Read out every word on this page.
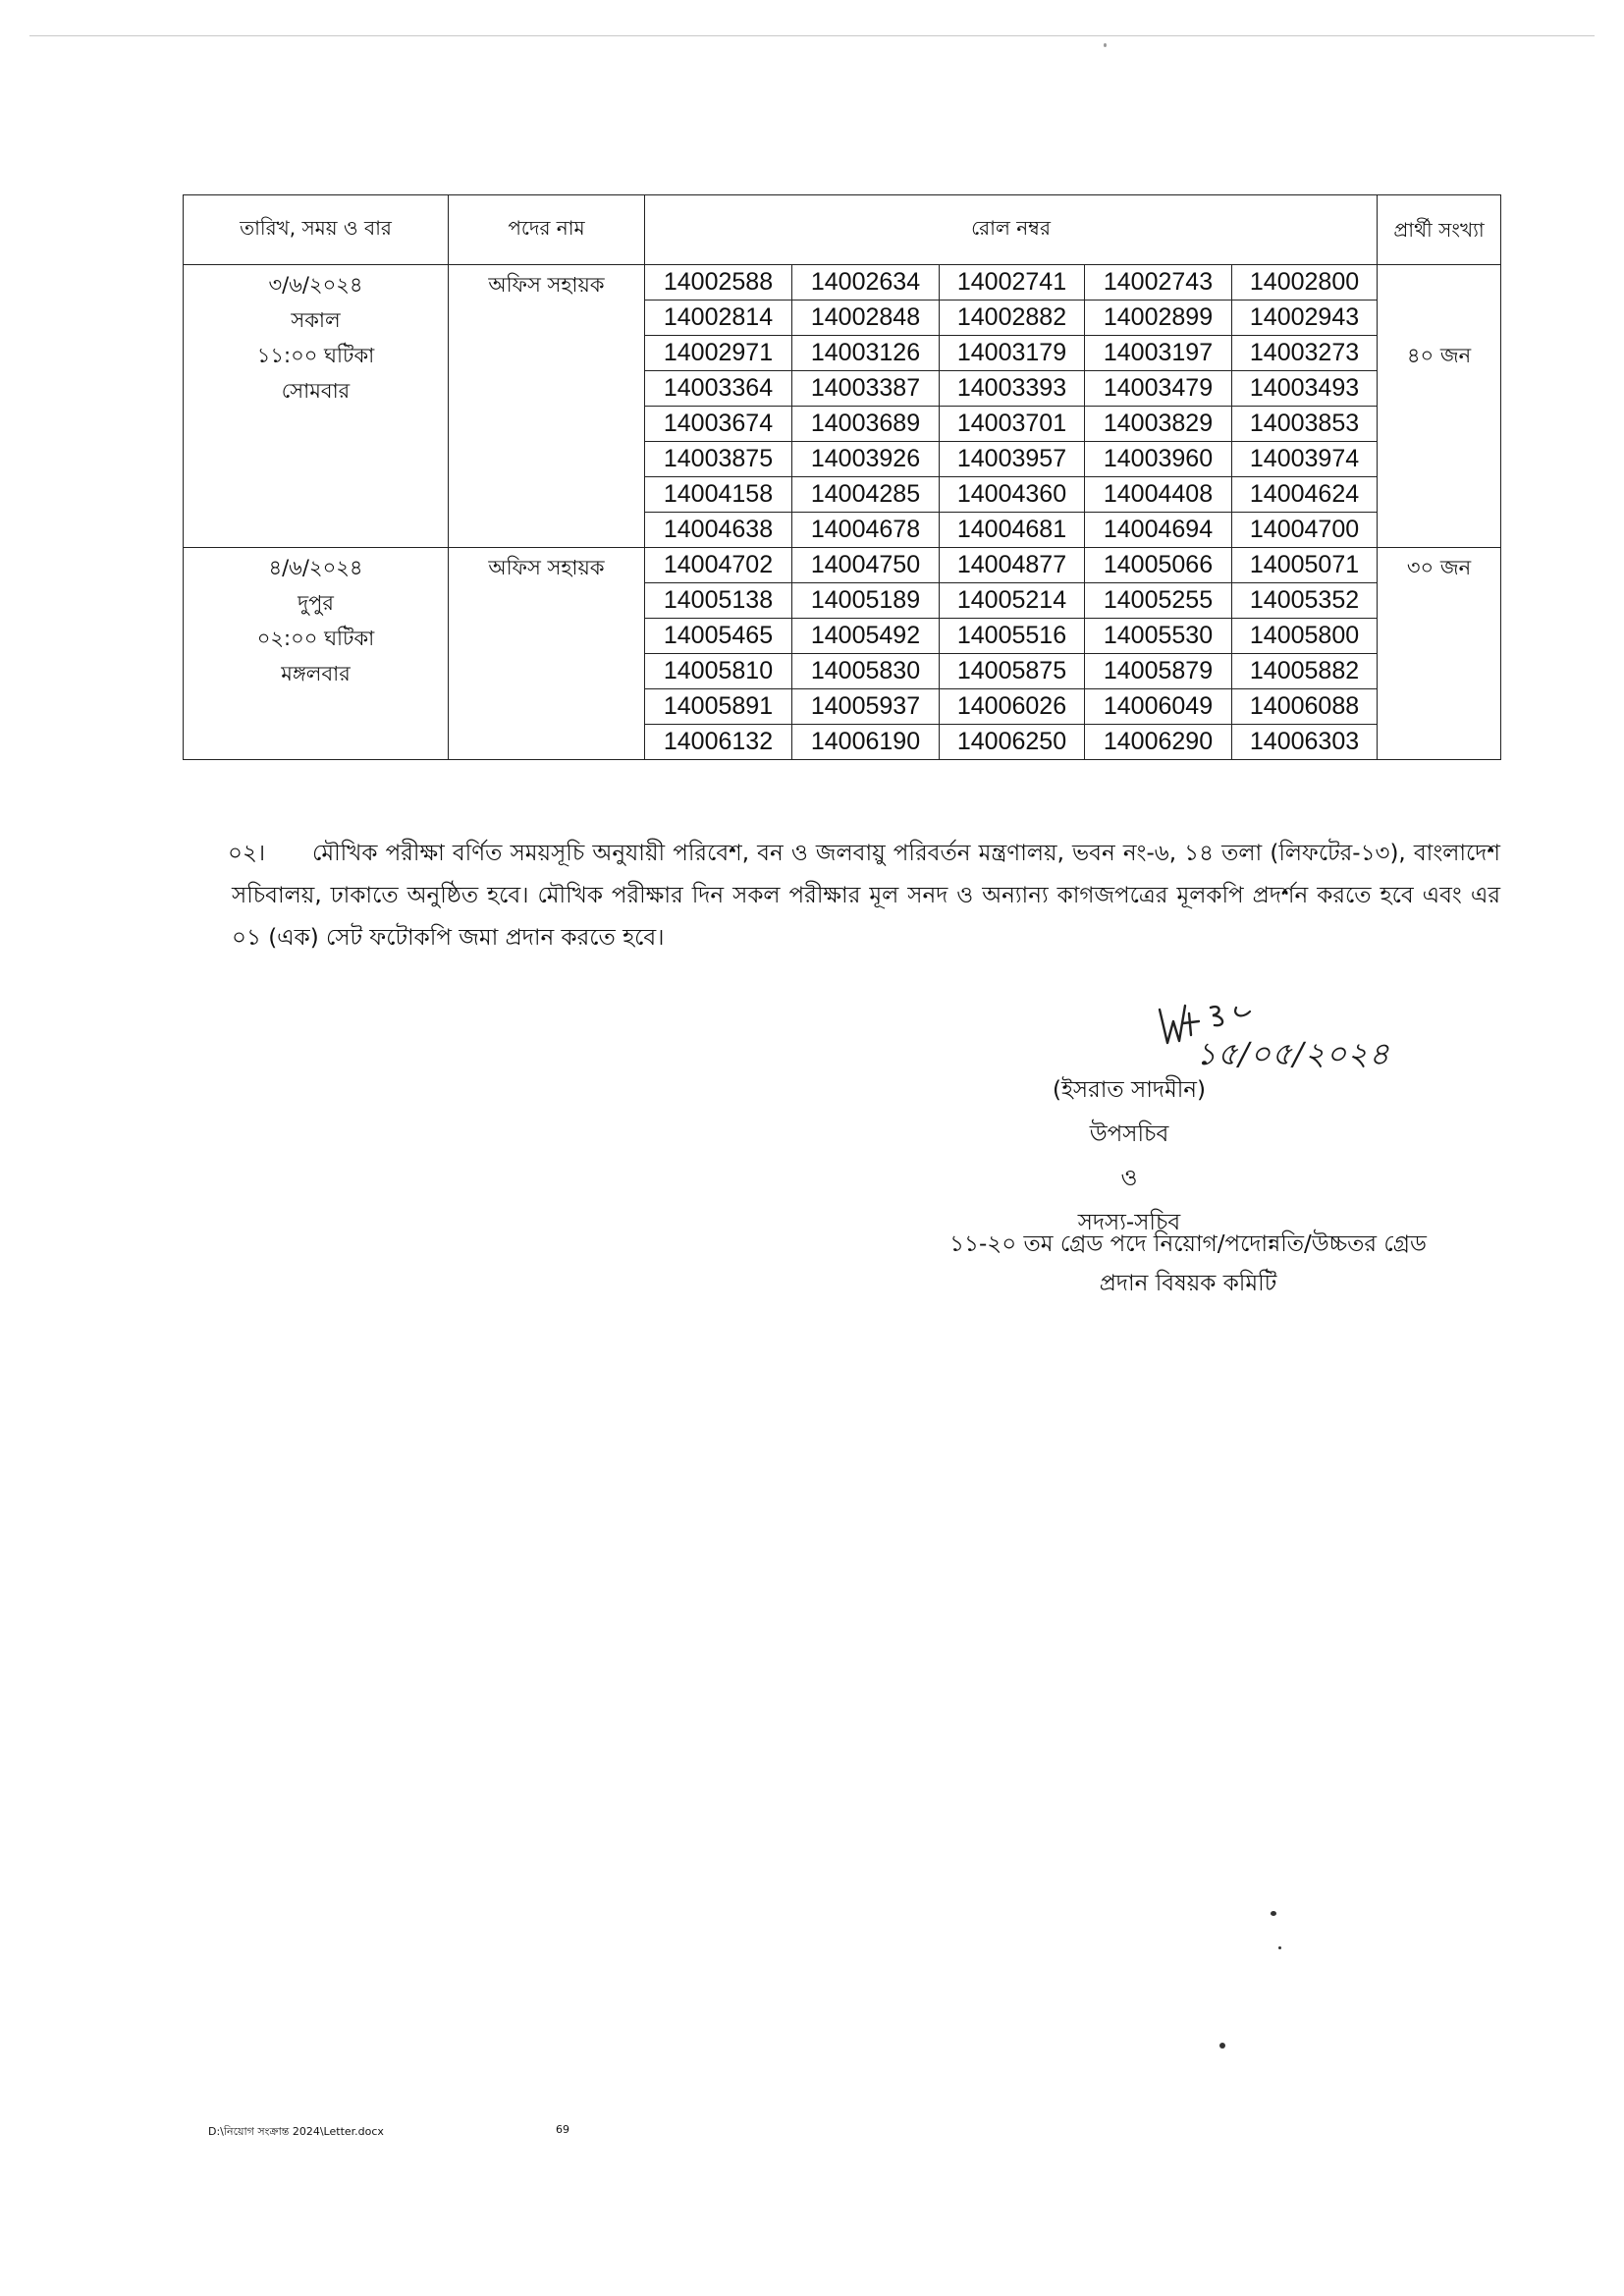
তারিখ, সময় ও বার	পদের নাম	রোল নম্বর					প্রার্থী সংখ্যা

৩/৬/২০২৪
সকাল
১১:০০ ঘটিকা
সোমবার	অফিস সহায়ক	14002588	14002634	14002741	14002743	14002800	৪০ জন
		14002814	14002848	14002882	14002899	14002943	
		14002971	14003126	14003179	14003197	14003273	
		14003364	14003387	14003393	14003479	14003493	
		14003674	14003689	14003701	14003829	14003853	
		14003875	14003926	14003957	14003960	14003974	
		14004158	14004285	14004360	14004408	14004624	
		14004638	14004678	14004681	14004694	14004700	

৪/৬/২০২৪
দুপুর
০২:০০ ঘটিকা
মঙ্গলবার	অফিস সহায়ক	14004702	14004750	14004877	14005066	14005071	৩০ জন
		14005138	14005189	14005214	14005255	14005352	
		14005465	14005492	14005516	14005530	14005800	
		14005810	14005830	14005875	14005879	14005882	
		14005891	14005937	14006026	14006049	14006088	
		14006132	14006190	14006250	14006290	14006303	
০২। মৌখিক পরীক্ষা বর্ণিত সময়সূচি অনুযায়ী পরিবেশ, বন ও জলবায়ু পরিবর্তন মন্ত্রণালয়, ভবন নং-৬, ১৪ তলা (লিফটের-১৩), বাংলাদেশ সচিবালয়, ঢাকাতে অনুষ্ঠিত হবে। মৌখিক পরীক্ষার দিন সকল পরীক্ষার মূল সনদ ও অন্যান্য কাগজপত্রের মূলকপি প্রদর্শন করতে হবে এবং এর ০১ (এক) সেট ফটোকপি জমা প্রদান করতে হবে।
১৫/০৫/২০২৪
(ইসরাত সাদমীন)
উপসচিব
ও
সদস্য-সচিব
১১-২০ তম গ্রেড পদে নিয়োগ/পদোন্নতি/উচ্চতর গ্রেড
প্রদান বিষয়ক কমিটি
D:\নিয়োগ সংক্রান্ত 2024\Letter.docx	69
